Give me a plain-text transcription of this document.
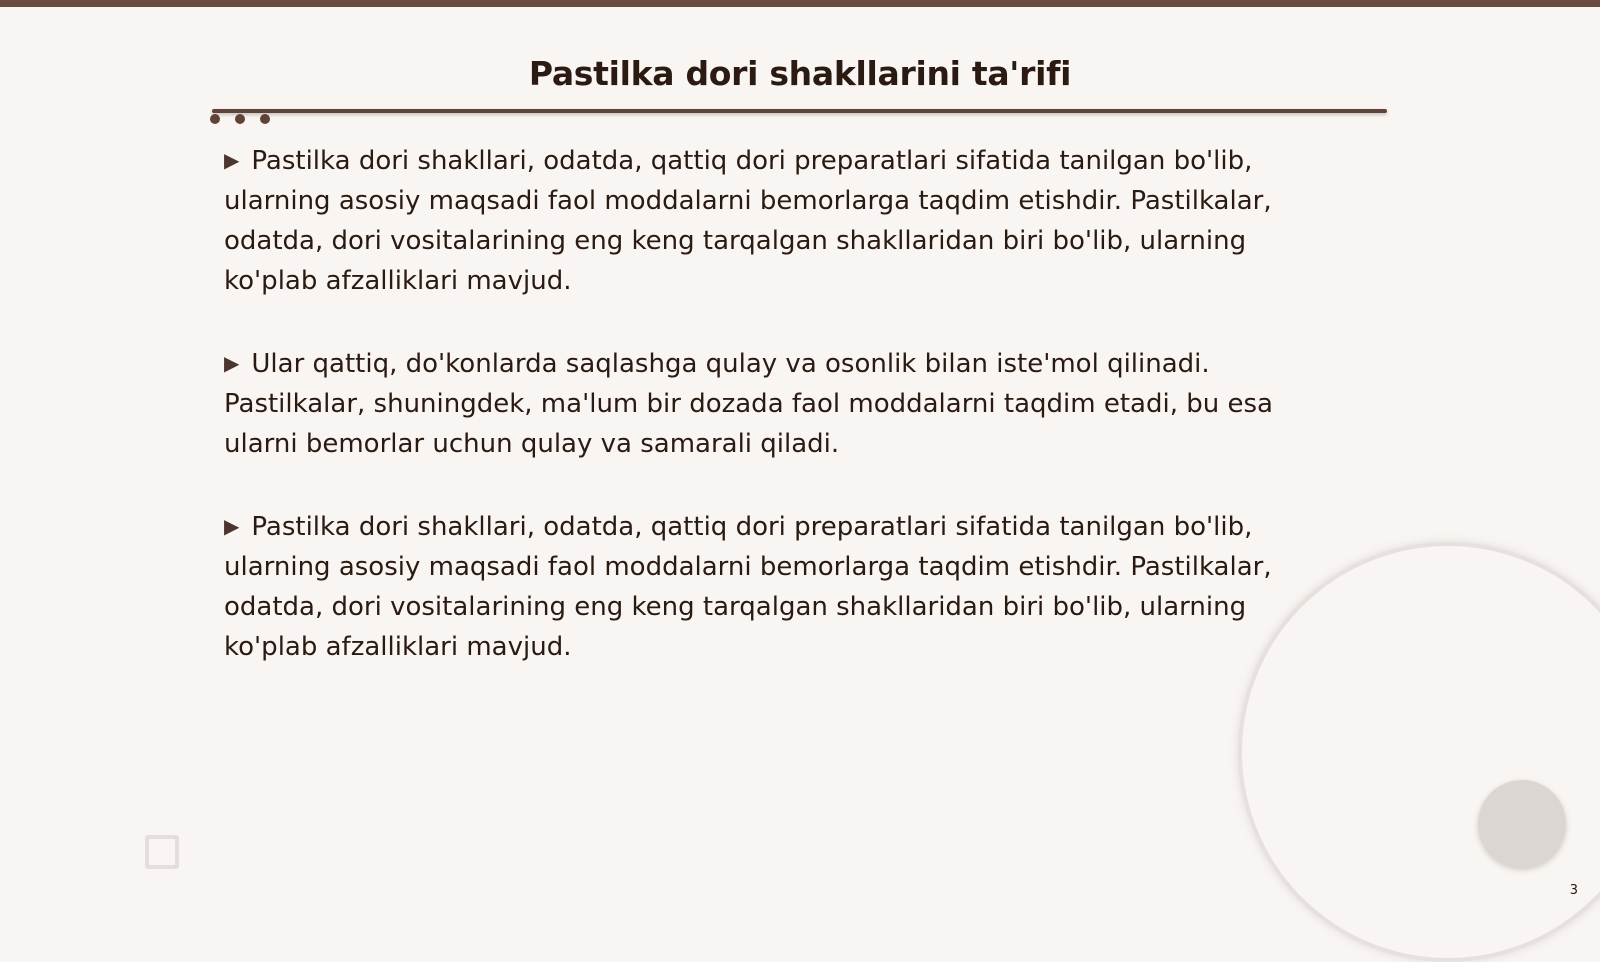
Pastilka dori shakllarini ta'rifi

▶ Pastilka dori shakllari, odatda, qattiq dori preparatlari sifatida tanilgan bo'lib, ularning asosiy maqsadi faol moddalarni bemorlarga taqdim etishdir. Pastilkalar, odatda, dori vositalarining eng keng tarqalgan shakllaridan biri bo'lib, ularning ko'plab afzalliklari mavjud.

▶ Ular qattiq, do'konlarda saqlashga qulay va osonlik bilan iste'mol qilinadi. Pastilkalar, shuningdek, ma'lum bir dozada faol moddalarni taqdim etadi, bu esa ularni bemorlar uchun qulay va samarali qiladi.

▶ Pastilka dori shakllari, odatda, qattiq dori preparatlari sifatida tanilgan bo'lib, ularning asosiy maqsadi faol moddalarni bemorlarga taqdim etishdir. Pastilkalar, odatda, dori vositalarining eng keng tarqalgan shakllaridan biri bo'lib, ularning ko'plab afzalliklari mavjud.

3
